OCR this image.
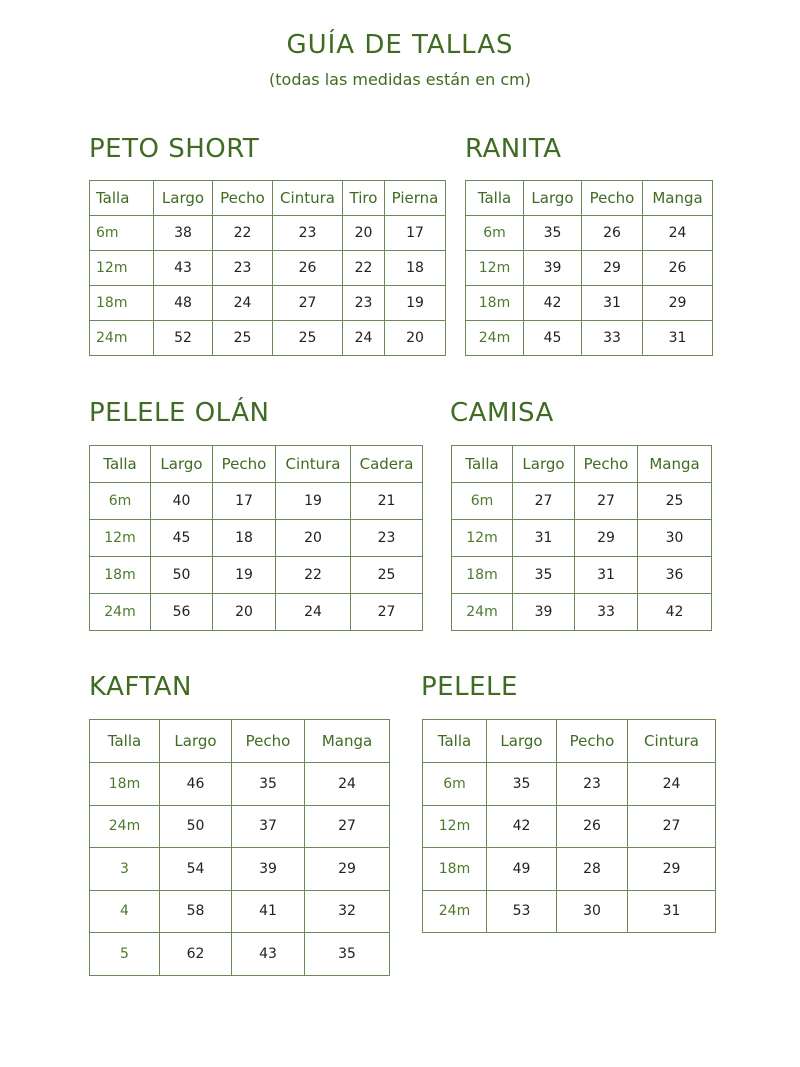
GUÍA DE TALLAS
(todas las medidas están en cm)
PETO SHORT
Talla	Largo	Pecho	Cintura	Tiro	Pierna
6m	38	22	23	20	17
12m	43	23	26	22	18
18m	48	24	27	23	19
24m	52	25	25	24	20
RANITA
Talla	Largo	Pecho	Manga
6m	35	26	24
12m	39	29	26
18m	42	31	29
24m	45	33	31
PELELE OLÁN
Talla	Largo	Pecho	Cintura	Cadera
6m	40	17	19	21
12m	45	18	20	23
18m	50	19	22	25
24m	56	20	24	27
CAMISA
Talla	Largo	Pecho	Manga
6m	27	27	25
12m	31	29	30
18m	35	31	36
24m	39	33	42
KAFTAN
Talla	Largo	Pecho	Manga
18m	46	35	24
24m	50	37	27
3	54	39	29
4	58	41	32
5	62	43	35
PELELE
Talla	Largo	Pecho	Cintura
6m	35	23	24
12m	42	26	27
18m	49	28	29
24m	53	30	31
